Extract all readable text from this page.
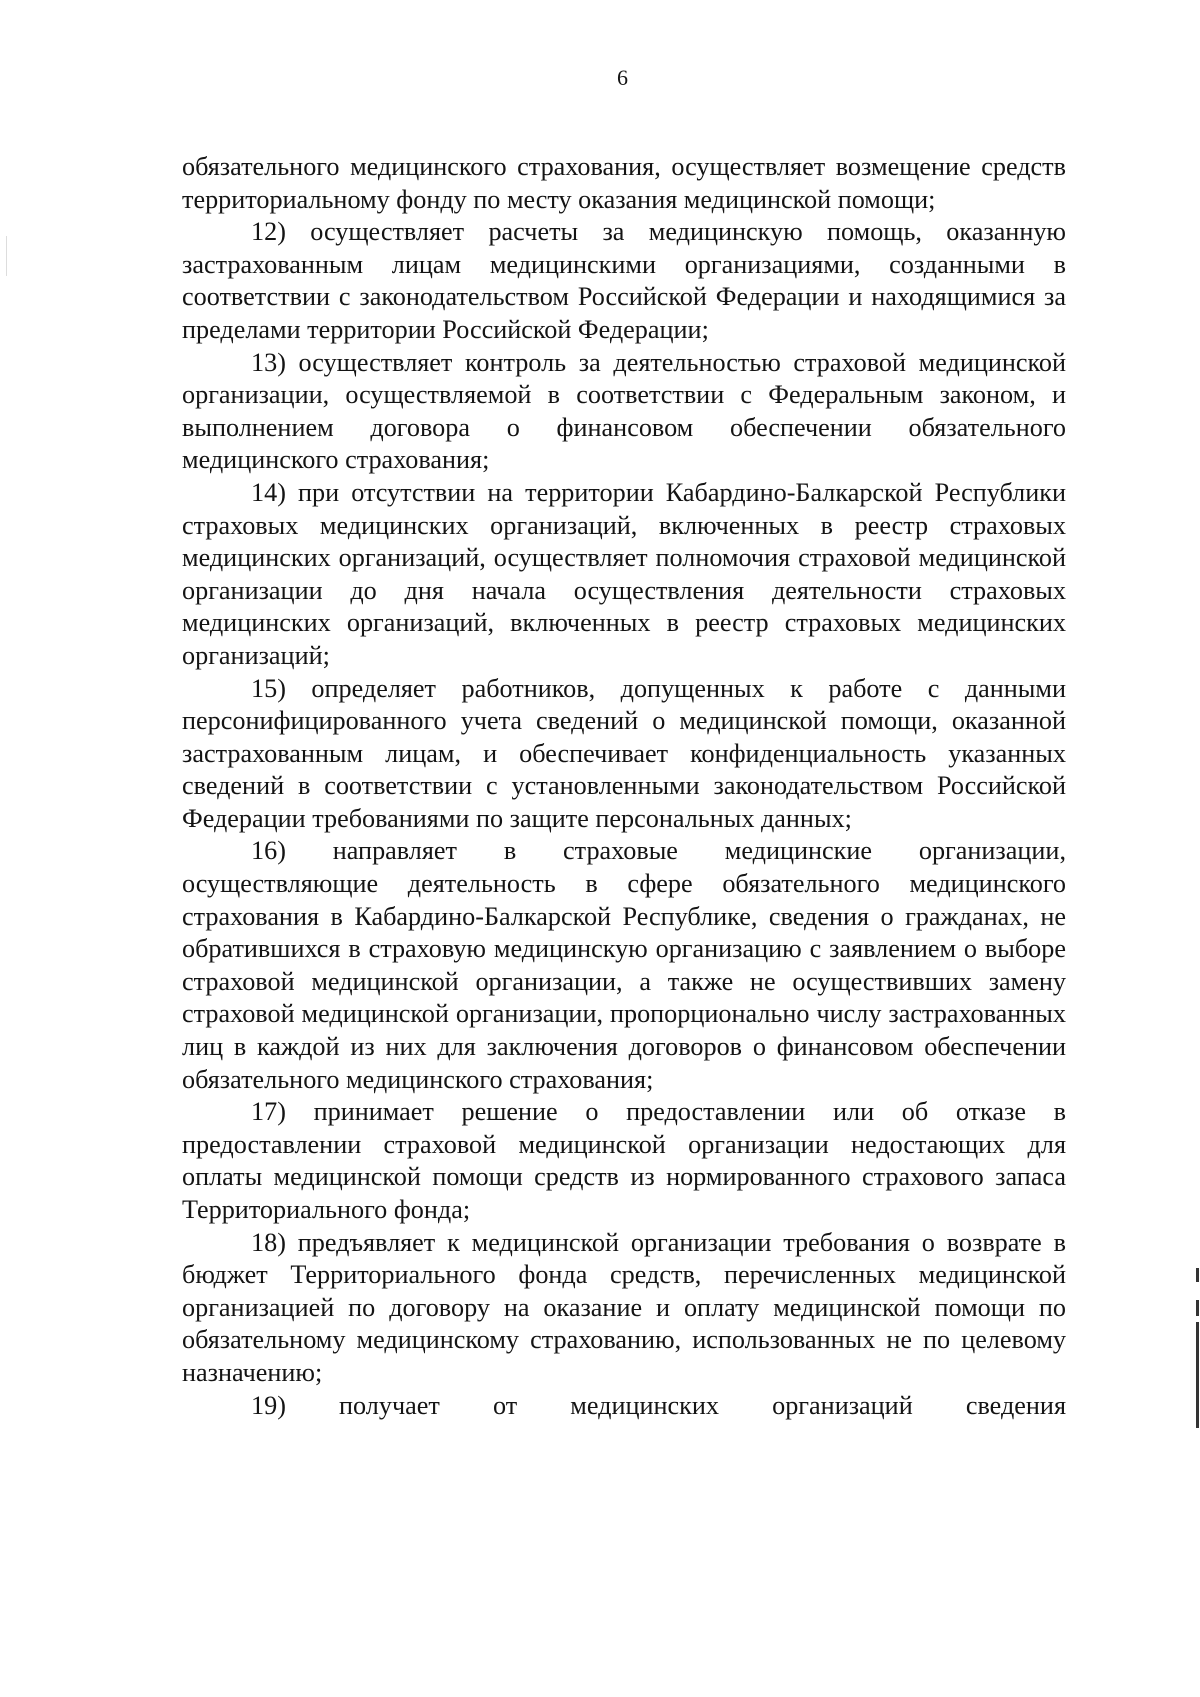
6

обязательного медицинского страхования, осуществляет возмещение средств территориальному фонду по месту оказания медицинской помощи;

12) осуществляет расчеты за медицинскую помощь, оказанную застрахованным лицам медицинскими организациями, созданными в соответствии с законодательством Российской Федерации и находящимися за пределами территории Российской Федерации;

13) осуществляет контроль за деятельностью страховой медицинской организации, осуществляемой в соответствии с Федеральным законом, и выполнением договора о финансовом обеспечении обязательного медицинского страхования;

14) при отсутствии на территории Кабардино-Балкарской Республики страховых медицинских организаций, включенных в реестр страховых медицинских организаций, осуществляет полномочия страховой медицинской организации до дня начала осуществления деятельности страховых медицинских организаций, включенных в реестр страховых медицинских организаций;

15) определяет работников, допущенных к работе с данными персонифицированного учета сведений о медицинской помощи, оказанной застрахованным лицам, и обеспечивает конфиденциальность указанных сведений в соответствии с установленными законодательством Российской Федерации требованиями по защите персональных данных;

16) направляет в страховые медицинские организации, осуществляющие деятельность в сфере обязательного медицинского страхования в Кабардино-Балкарской Республике, сведения о гражданах, не обратившихся в страховую медицинскую организацию с заявлением о выборе страховой медицинской организации, а также не осуществивших замену страховой медицинской организации, пропорционально числу застрахованных лиц в каждой из них для заключения договоров о финансовом обеспечении обязательного медицинского страхования;

17) принимает решение о предоставлении или об отказе в предоставлении страховой медицинской организации недостающих для оплаты медицинской помощи средств из нормированного страхового запаса Территориального фонда;

18) предъявляет к медицинской организации требования о возврате в бюджет Территориального фонда средств, перечисленных медицинской организацией по договору на оказание и оплату медицинской помощи по обязательному медицинскому страхованию, использованных не по целевому назначению;

19) получает от медицинских организаций сведения
